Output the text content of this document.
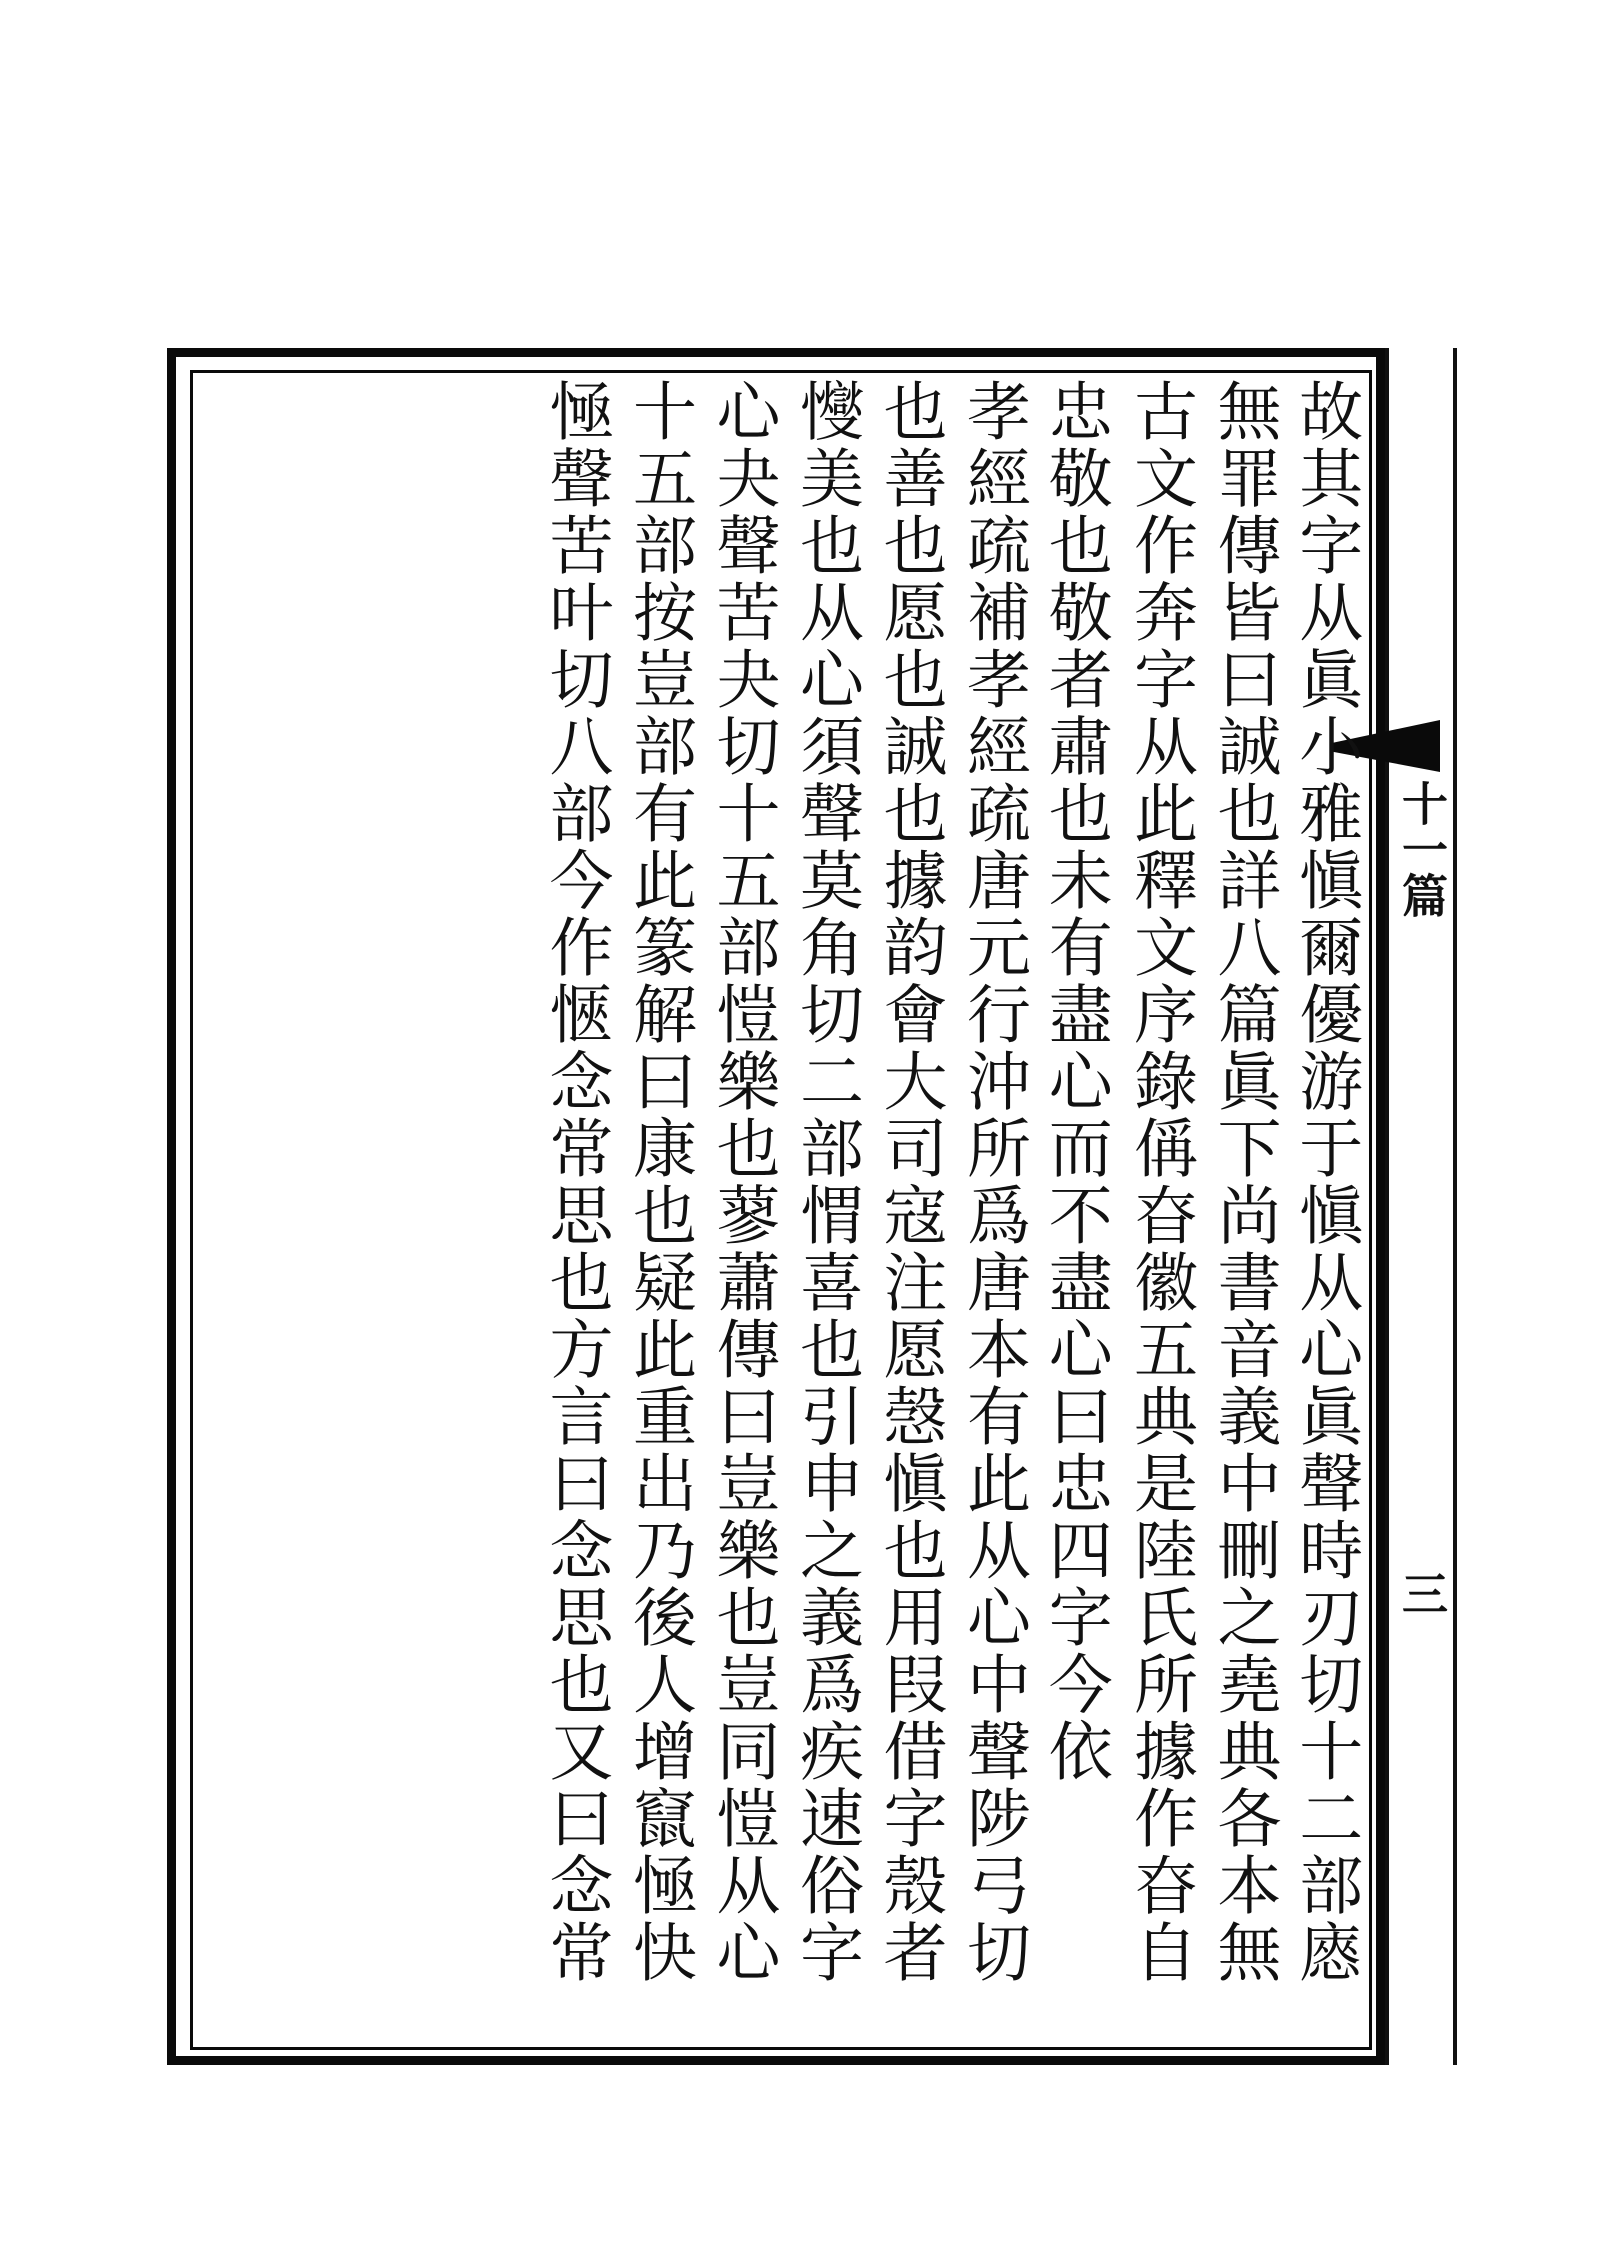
十一篇
三
故其字从眞小雅愼爾優游于愼从心眞聲時刃切十二部㥷
無罪傳皆曰誠也詳八篇眞下尚書音義中刪之堯典各本無
古文作奔字从此釋文序錄偁昚徽五典是陸氏所據作昚自
忠敬也敬者肅也未有盡心而不盡心曰忠四字今依
孝經疏補孝經疏唐元行沖所爲唐本有此从心中聲陟弓切
也善也愿也誠也據韵會大司寇注愿愨愼也用叚借字殼者
㦪美也从心須聲莫角切二部㥜喜也引申之義爲疾速俗字
心夬聲苦夬切十五部愷樂也蓼蕭傳曰豈樂也豈同愷从心
十五部按豈部有此篆解曰康也疑此重出乃後人增竄㥛快
㥛聲苦叶切八部今作愜念常思也方言曰念思也又曰念常
